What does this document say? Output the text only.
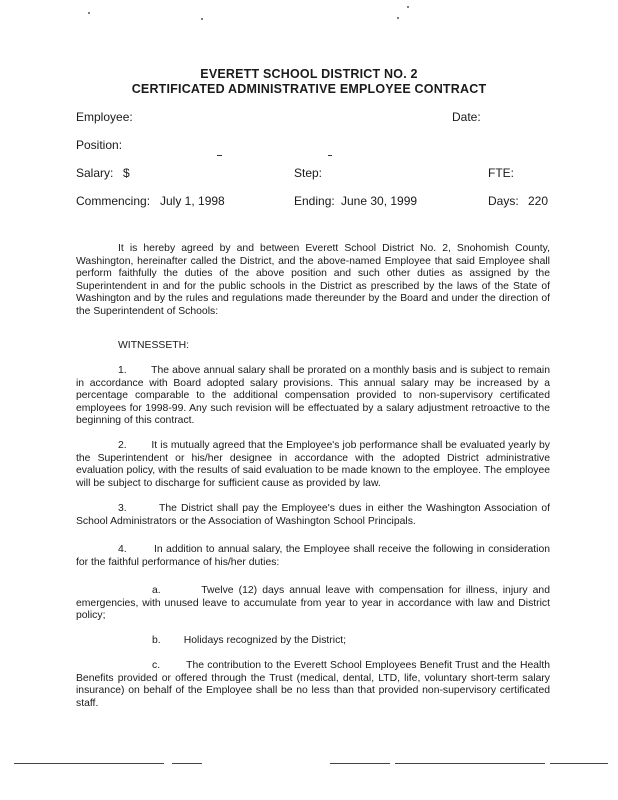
EVERETT SCHOOL DISTRICT NO. 2
CERTIFICATED ADMINISTRATIVE EMPLOYEE CONTRACT
Employee:	Date:
Position:
Salary: $	Step:	FTE:
Commencing: July 1, 1998	Ending: June 30, 1999	Days: 220
It is hereby agreed by and between Everett School District No. 2, Snohomish County, Washington, hereinafter called the District, and the above-named Employee that said Employee shall perform faithfully the duties of the above position and such other duties as assigned by the Superintendent in and for the public schools in the District as prescribed by the laws of the State of Washington and by the rules and regulations made thereunder by the Board and under the direction of the Superintendent of Schools:
WITNESSETH:
1.        The above annual salary shall be prorated on a monthly basis and is subject to remain in accordance with Board adopted salary provisions. This annual salary may be increased by a percentage comparable to the additional compensation provided to non-supervisory certificated employees for 1998-99. Any such revision will be effectuated by a salary adjustment retroactive to the beginning of this contract.
2.        It is mutually agreed that the Employee's job performance shall be evaluated yearly by the Superintendent or his/her designee in accordance with the adopted District administrative evaluation policy, with the results of said evaluation to be made known to the employee. The employee will be subject to discharge for sufficient cause as provided by law.
3.        The District shall pay the Employee's dues in either the Washington Association of School Administrators or the Association of Washington School Principals.
4.        In addition to annual salary, the Employee shall receive the following in consideration for the faithful performance of his/her duties:
a.        Twelve (12) days annual leave with compensation for illness, injury and emergencies, with unused leave to accumulate from year to year in accordance with law and District policy;
b.        Holidays recognized by the District;
c.        The contribution to the Everett School Employees Benefit Trust and the Health Benefits provided or offered through the Trust (medical, dental, LTD, life, voluntary short-term salary insurance) on behalf of the Employee shall be no less than that provided non-supervisory certificated staff.
